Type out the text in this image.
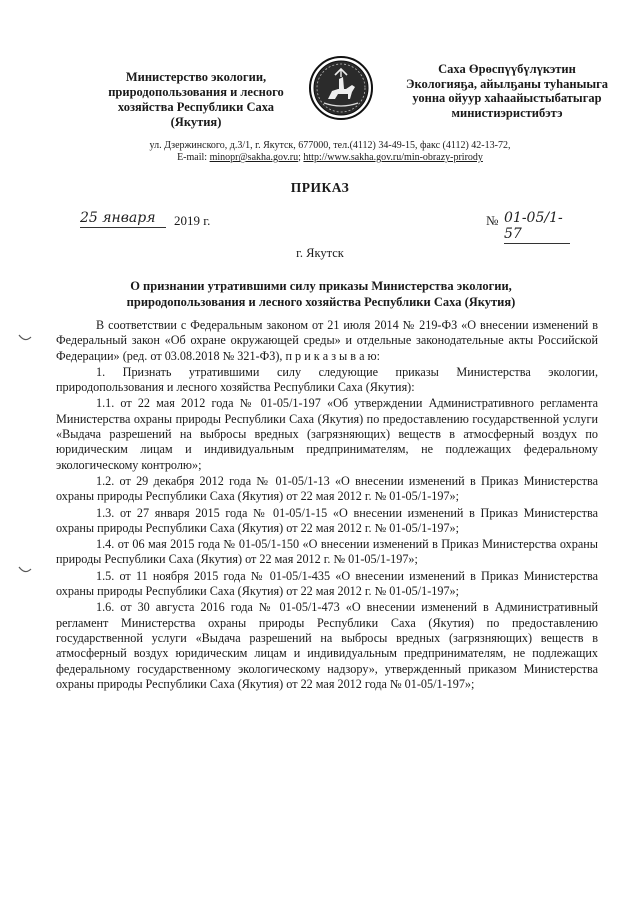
Министерство экологии,
природопользования и лесного
хозяйства Республики Саха (Якутия)
Саха Өрөспүүбүлүкэтин
Экологияҕа, айылҕаны туһаныыга
уонна ойуур хаһаайыстыбатыгар
министиэристибэтэ
ул. Дзержинского, д.3/1, г. Якутск, 677000, тел.(4112) 34-49-15, факс (4112) 42-13-72,
E-mail: minopr@sakha.gov.ru; http://www.sakha.gov.ru/min-obrazy-prirody
ПРИКАЗ
25 января	2019 г.	№ 01-05/1-57
г. Якутск
О признании утратившими силу приказы Министерства экологии,
природопользования и лесного хозяйства Республики Саха (Якутия)

В соответствии с Федеральным законом от 21 июля 2014 № 219-ФЗ «О внесении изменений в Федеральный закон «Об охране окружающей среды» и отдельные законодательные акты Российской Федерации» (ред. от 03.08.2018 № 321-ФЗ), п р и к а з ы в а ю:

1. Признать утратившими силу следующие приказы Министерства экологии, природопользования и лесного хозяйства Республики Саха (Якутия):

1.1. от 22 мая 2012 года № 01-05/1-197 «Об утверждении Административного регламента Министерства охраны природы Республики Саха (Якутия) по предоставлению государственной услуги «Выдача разрешений на выбросы вредных (загрязняющих) веществ в атмосферный воздух по юридическим лицам и индивидуальным предпринимателям, не подлежащих федеральному экологическому контролю»;

1.2. от 29 декабря 2012 года № 01-05/1-13 «О внесении изменений в Приказ Министерства охраны природы Республики Саха (Якутия) от 22 мая 2012 г. № 01-05/1-197»;

1.3. от 27 января 2015 года № 01-05/1-15 «О внесении изменений в Приказ Министерства охраны природы Республики Саха (Якутия) от 22 мая 2012 г. № 01-05/1-197»;

1.4. от 06 мая 2015 года № 01-05/1-150 «О внесении изменений в Приказ Министерства охраны природы Республики Саха (Якутия) от 22 мая 2012 г. № 01-05/1-197»;

1.5. от 11 ноября 2015 года № 01-05/1-435 «О внесении изменений в Приказ Министерства охраны природы Республики Саха (Якутия) от 22 мая 2012 г. № 01-05/1-197»;

1.6. от 30 августа 2016 года № 01-05/1-473 «О внесении изменений в Административный регламент Министерства охраны природы Республики Саха (Якутия) по предоставлению государственной услуги «Выдача разрешений на выбросы вредных (загрязняющих) веществ в атмосферный воздух юридическим лицам и индивидуальным предпринимателям, не подлежащих федеральному государственному экологическому надзору», утвержденный приказом Министерства охраны природы Республики Саха (Якутия) от 22 мая 2012 года № 01-05/1-197»;
